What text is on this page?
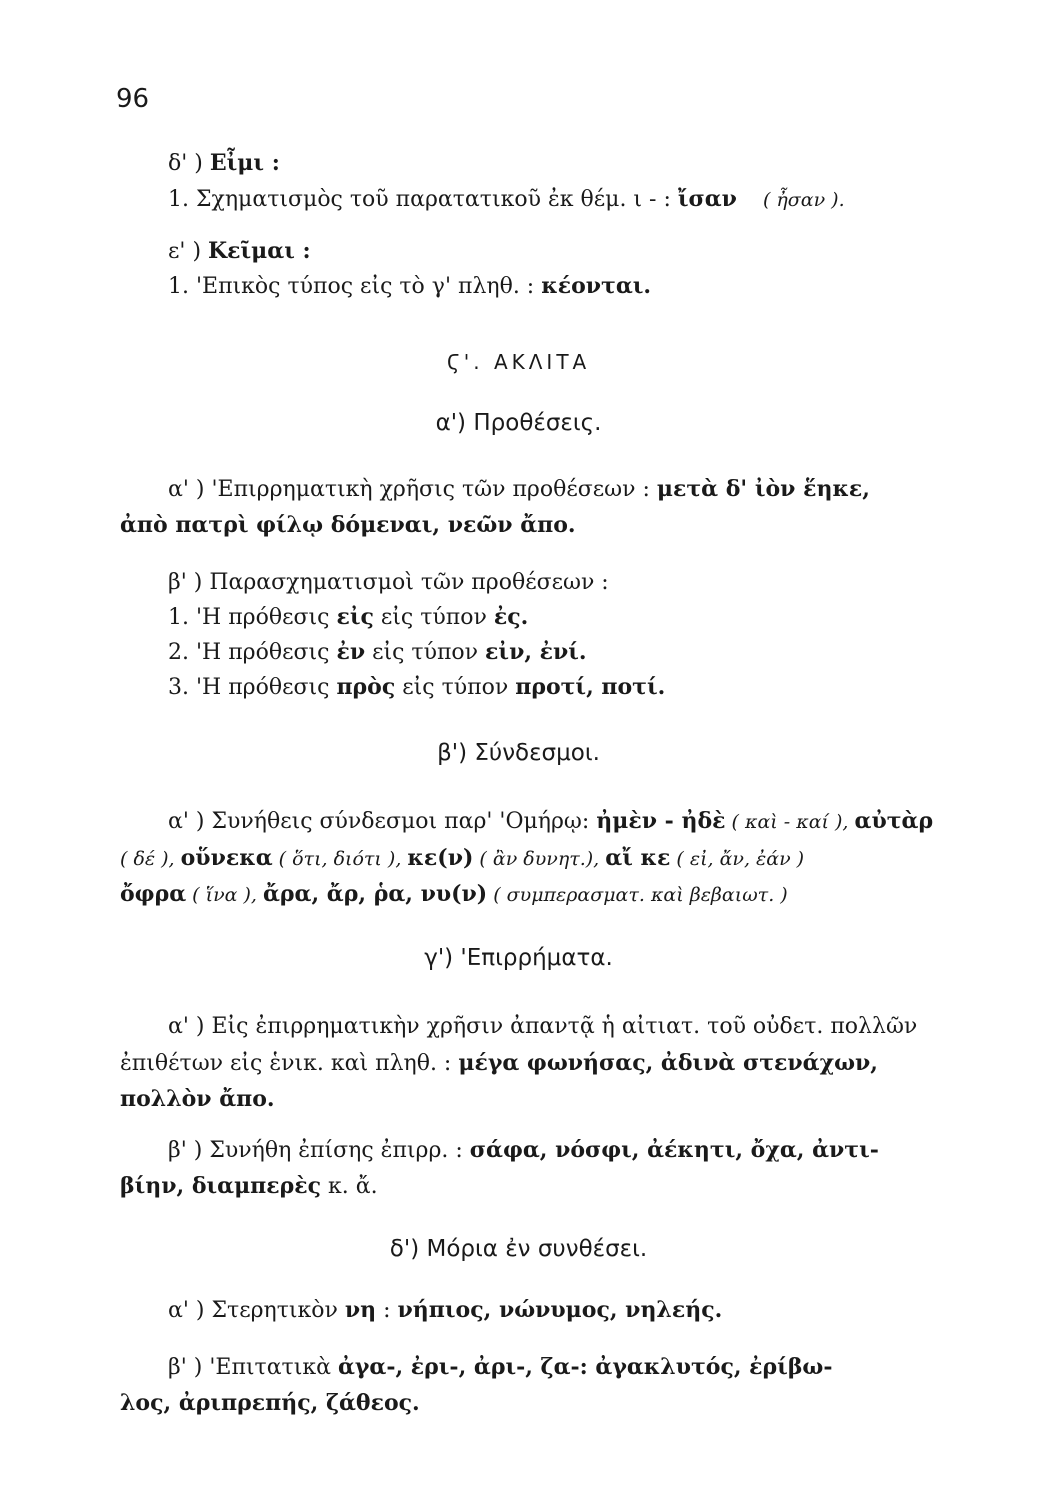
96
δ' ) Εἶμι :
1. Σχηματισμὸς τοῦ παρατατικοῦ ἐκ θέμ. ι - : ἴσαν ( ἦσαν ).
ε' ) Κεῖμαι :
1. 'Επικὸς τύπος εἰς τὸ γ' πληθ. : κέονται.
Ϛ'. ΑΚΛΙΤΑ
α') Προθέσεις.
α' ) 'Επιρρηματικὴ χρῆσις τῶν προθέσεων : μετὰ δ' ἰὸν ἕηκε,
ἀπὸ πατρὶ φίλῳ δόμεναι, νεῶν ἄπο.
β' ) Παρασχηματισμοὶ τῶν προθέσεων :
1. 'Η πρόθεσις εἰς εἰς τύπον ἐς.
2. 'Η πρόθεσις ἐν εἰς τύπον εἰν, ἐνί.
3. 'Η πρόθεσις πρὸς εἰς τύπον προτί, ποτί.
β') Σύνδεσμοι.
α' ) Συνήθεις σύνδεσμοι παρ' 'Ομήρῳ: ἠμὲν - ἠδὲ ( καὶ - καί ), αὐτὰρ
( δέ ), οὕνεκα ( ὅτι, διότι ), κε(ν) ( ἂν δυνητ.), αἴ κε ( εἰ, ἄν, ἐάν )
ὄφρα ( ἵνα ), ἄρα, ἄρ, ῥα, νυ(ν) ( συμπερασματ. καὶ βεβαιωτ. )
γ') 'Επιρρήματα.
α' ) Εἰς ἐπιρρηματικὴν χρῆσιν ἀπαντᾷ ἡ αἰτιατ. τοῦ οὐδετ. πολλῶν
ἐπιθέτων εἰς ἑνικ. καὶ πληθ. : μέγα φωνήσας, ἀδινὰ στενάχων,
πολλὸν ἄπο.
β' ) Συνήθη ἐπίσης ἐπιρρ. : σάφα, νόσφι, ἀέκητι, ὄχα, ἀντι-
βίην, διαμπερὲς κ. ἄ.
δ') Μόρια ἐν συνθέσει.
α' ) Στερητικὸν νη : νήπιος, νώνυμος, νηλεής.
β' ) 'Επιτατικὰ ἀγα-, ἐρι-, ἀρι-, ζα-: ἀγακλυτός, ἐρίβω-
λος, ἀριπρεπής, ζάθεος.
